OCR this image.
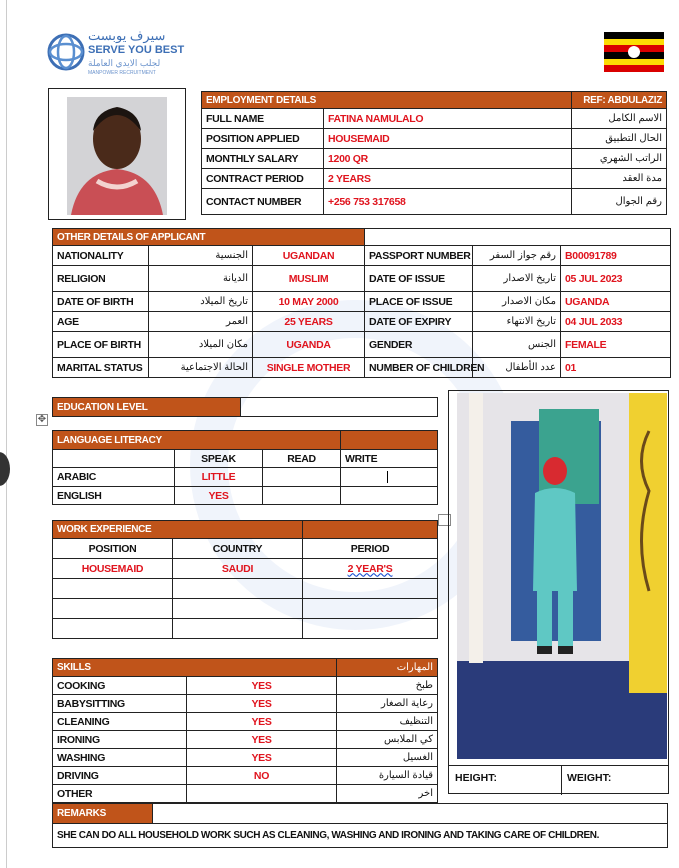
✥
سيرف يوبست
SERVE YOU BEST
لجلب الايدي العاملة
MANPOWER RECRUITMENT
EMPLOYMENT DETAILS		REF: ABDULAZIZ
FULL NAME	FATINA NAMULALO	الاسم الكامل
POSITION APPLIED	HOUSEMAID	الحال التطبيق
MONTHLY SALARY	1200 QR	الراتب الشهري
CONTRACT PERIOD	2 YEARS	مدة العقد
CONTACT NUMBER	+256 753 317658	رقم الجوال
OTHER DETAILS OF APPLICANT					
NATIONALITY	الجنسية	UGANDAN	PASSPORT NUMBER	رقم جواز السفر	B00091789
RELIGION	الديانة	MUSLIM	DATE OF ISSUE	تاريخ الاصدار	05 JUL 2023
DATE OF BIRTH	تاريخ الميلاد	10 MAY 2000	PLACE OF ISSUE	مكان الاصدار	UGANDA
AGE	العمر	25 YEARS	DATE OF EXPIRY	تاريخ الانتهاء	04 JUL 2033
PLACE OF BIRTH	مكان الميلاد	UGANDA	GENDER	الجنس	FEMALE
MARITAL STATUS	الحالة الاجتماعية	SINGLE MOTHER	NUMBER OF CHILDREN	عدد الأطفال	01
EDUCATION LEVEL	
LANGUAGE LITERACY			
	SPEAK	READ	WRITE
ARABIC	LITTLE		
ENGLISH	YES		
WORK EXPERIENCE		
POSITION	COUNTRY	PERIOD
HOUSEMAID	SAUDI	2 YEAR'S

SKILLS		المهارات
COOKING	YES	طبخ
BABYSITTING	YES	رعاية الصغار
CLEANING	YES	التنظيف
IRONING	YES	كي الملابس
WASHING	YES	الغسيل
DRIVING	NO	قيادة السيارة
OTHER		اخر
HEIGHT:	WEIGHT:
REMARKS	
SHE CAN DO ALL HOUSEHOLD WORK SUCH AS CLEANING, WASHING AND IRONING AND TAKING CARE OF CHILDREN.
